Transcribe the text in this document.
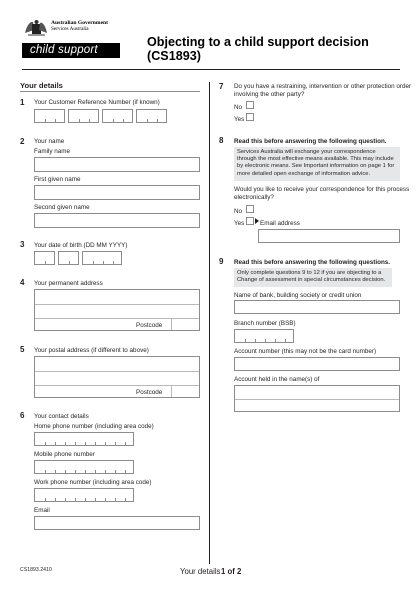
Australian Government
Services Australia
child support
Objecting to a child support decision (CS1893)
Your details
1 Your Customer Reference Number (if known)
2 Your name
Family name
First given name
Second given name
3 Your date of birth (DD MM YYYY)
4 Your permanent address
Postcode
5 Your postal address (if different to above)
Postcode
6 Your contact details
Home phone number (including area code)
Mobile phone number
Work phone number (including area code)
Email
7 Do you have a restraining, intervention or other protection order
involving the other party?
No
Yes
8 Read this before answering the following question.
Services Australia will exchange your correspondence
through the most effective means available. This may include
by electronic means. See Important information on page 1 for
more detailed open exchange of information advice.
Would you like to receive your correspondence for this process
electronically?
No
Yes Email address
9 Read this before answering the following questions.
Only complete questions 9 to 12 if you are objecting to a
Change of assessment in special circumstances decision.
Name of bank, building society or credit union
Branch number (BSB)
Account number (this may not be the card number)
Account held in the name(s) of
CS1893.2410	Your details 1 of 2
